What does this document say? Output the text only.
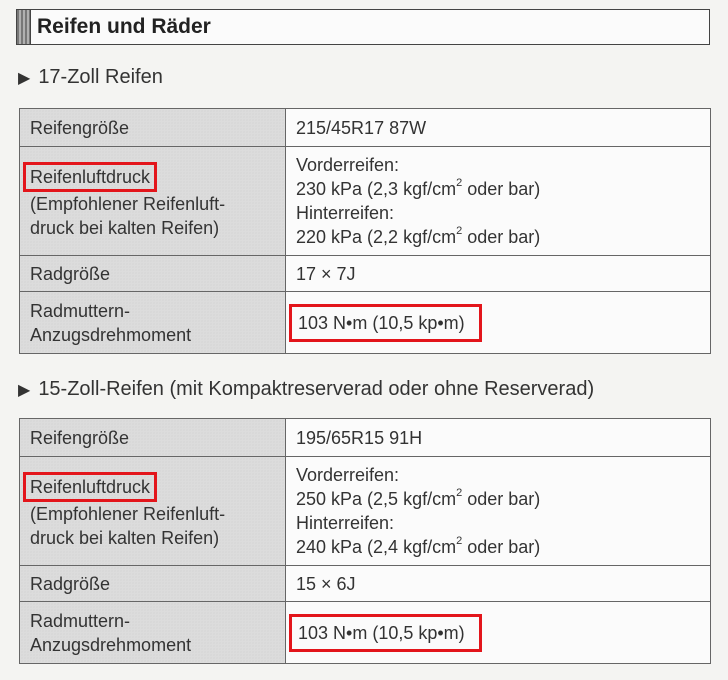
Reifen und Räder
▶ 17-Zoll Reifen
Reifengröße	215/45R17 87W
Reifenluftdruck
(Empfohlener Reifenluft-
druck bei kalten Reifen)	Vorderreifen:
230 kPa (2,3 kgf/$cm^2$ oder bar)
Hinterreifen:
220 kPa (2,2 kgf/$cm^2$ oder bar)

Radgröße	17 × 7J

Radmuttern-
Anzugsdrehmoment	103 N•m (10,5 kp•m)
▶ 15-Zoll-Reifen (mit Kompaktreserverad oder ohne Reserverad)
Reifengröße	195/65R15 91H
Reifenluftdruck
(Empfohlener Reifenluft-
druck bei kalten Reifen)	Vorderreifen:
250 kPa (2,5 kgf/$cm^2$ oder bar)
Hinterreifen:
240 kPa (2,4 kgf/$cm^2$ oder bar)

Radgröße	15 × 6J

Radmuttern-
Anzugsdrehmoment	103 N•m (10,5 kp•m)
